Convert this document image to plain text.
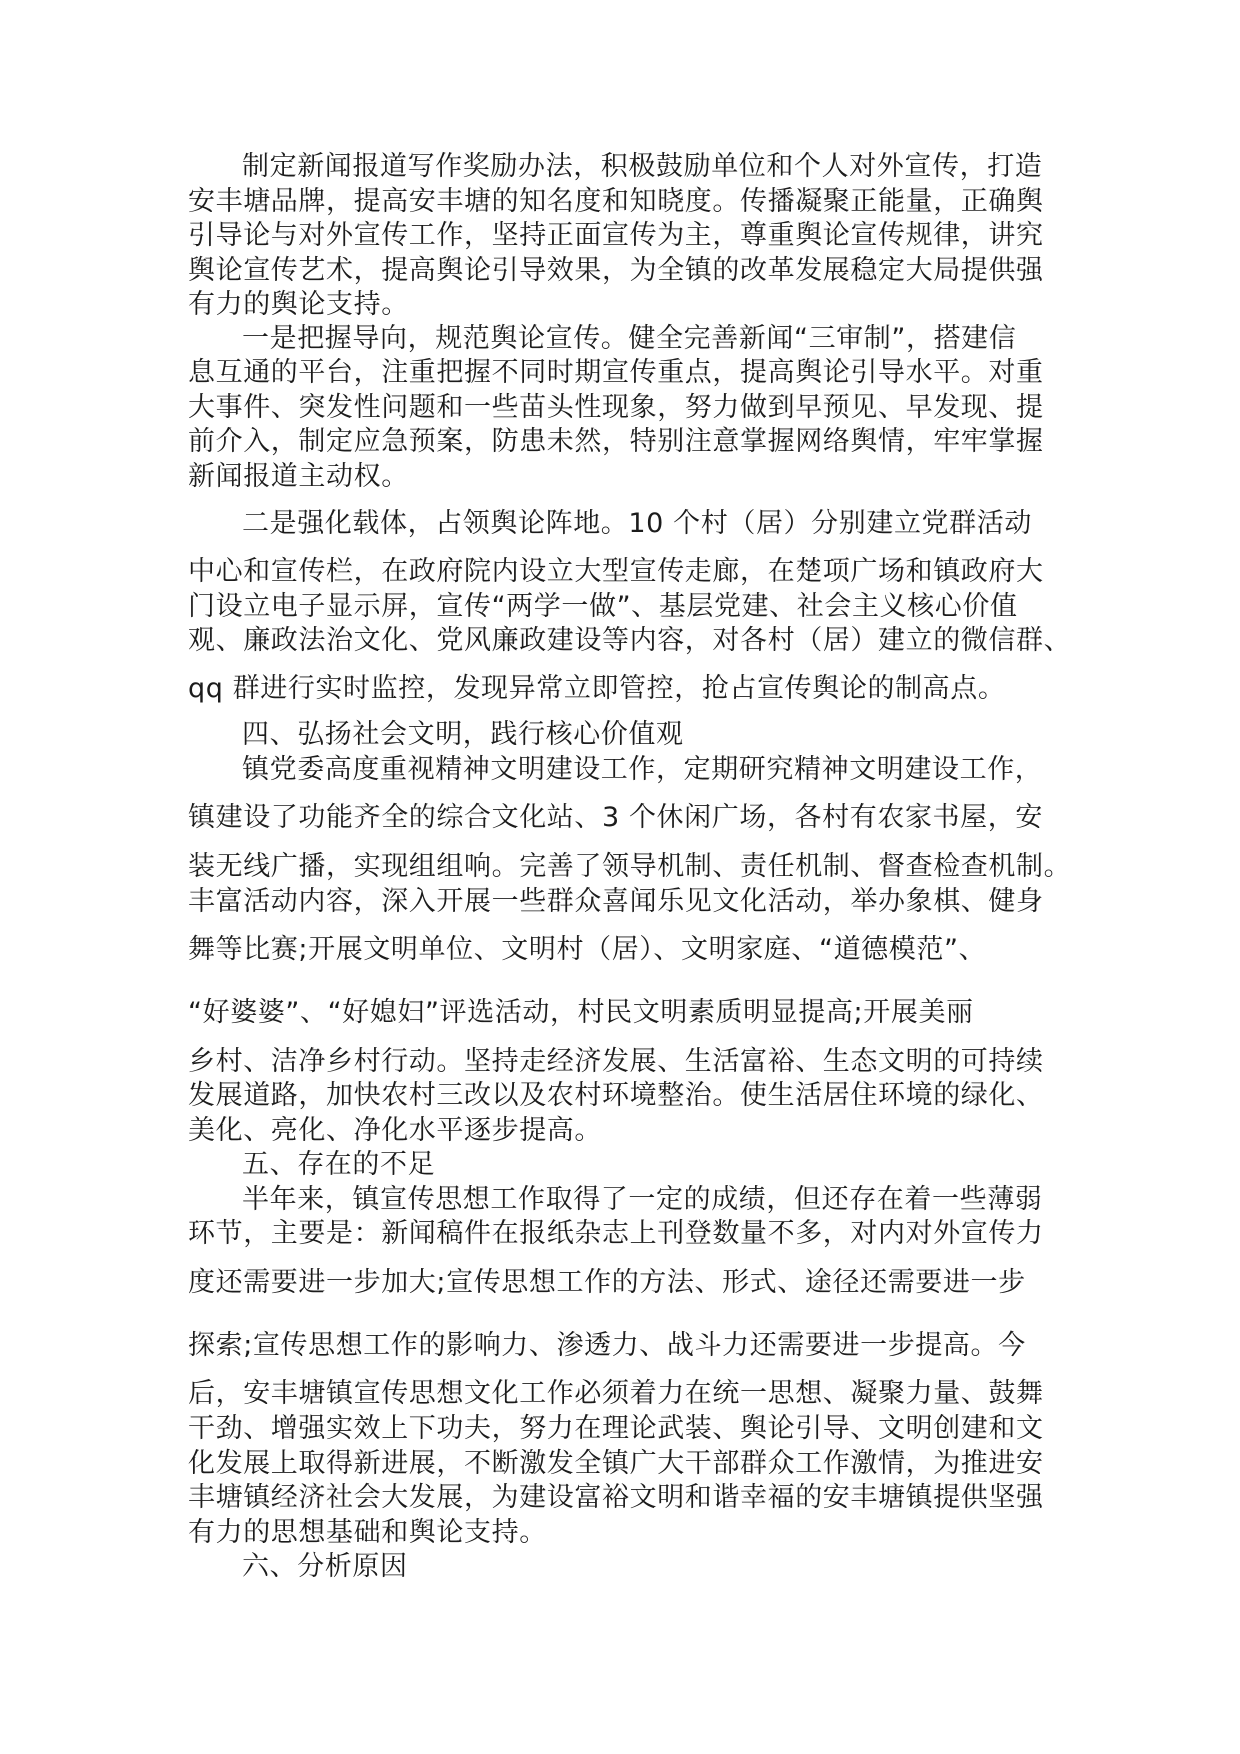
制定新闻报道写作奖励办法，积极鼓励单位和个人对外宣传，打造

安丰塘品牌，提高安丰塘的知名度和知晓度。传播凝聚正能量，正确舆

引导论与对外宣传工作，坚持正面宣传为主，尊重舆论宣传规律，讲究

舆论宣传艺术，提高舆论引导效果，为全镇的改革发展稳定大局提供强

有力的舆论支持。

一是把握导向，规范舆论宣传。健全完善新闻“三审制”，搭建信

息互通的平台，注重把握不同时期宣传重点，提高舆论引导水平。对重

大事件、突发性问题和一些苗头性现象，努力做到早预见、早发现、提

前介入，制定应急预案，防患未然，特别注意掌握网络舆情，牢牢掌握

新闻报道主动权。

二是强化载体，占领舆论阵地。10 个村（居）分别建立党群活动

中心和宣传栏，在政府院内设立大型宣传走廊，在楚项广场和镇政府大

门设立电子显示屏，宣传“两学一做”、基层党建、社会主义核心价值

观、廉政法治文化、党风廉政建设等内容，对各村（居）建立的微信群、

qq 群进行实时监控，发现异常立即管控，抢占宣传舆论的制高点。

四、弘扬社会文明，践行核心价值观

镇党委高度重视精神文明建设工作，定期研究精神文明建设工作，

镇建设了功能齐全的综合文化站、3 个休闲广场，各村有农家书屋，安

装无线广播，实现组组响。完善了领导机制、责任机制、督查检查机制。

丰富活动内容，深入开展一些群众喜闻乐见文化活动，举办象棋、健身

舞等比赛;开展文明单位、文明村（居）、文明家庭、“道德模范”、

“好婆婆”、“好媳妇”评选活动，村民文明素质明显提高;开展美丽

乡村、洁净乡村行动。坚持走经济发展、生活富裕、生态文明的可持续

发展道路，加快农村三改以及农村环境整治。使生活居住环境的绿化、

美化、亮化、净化水平逐步提高。

五、存在的不足

半年来，镇宣传思想工作取得了一定的成绩，但还存在着一些薄弱

环节，主要是：新闻稿件在报纸杂志上刊登数量不多，对内对外宣传力

度还需要进一步加大;宣传思想工作的方法、形式、途径还需要进一步

探索;宣传思想工作的影响力、渗透力、战斗力还需要进一步提高。今

后，安丰塘镇宣传思想文化工作必须着力在统一思想、凝聚力量、鼓舞

干劲、增强实效上下功夫，努力在理论武装、舆论引导、文明创建和文

化发展上取得新进展，不断激发全镇广大干部群众工作激情，为推进安

丰塘镇经济社会大发展，为建设富裕文明和谐幸福的安丰塘镇提供坚强

有力的思想基础和舆论支持。

六、分析原因
